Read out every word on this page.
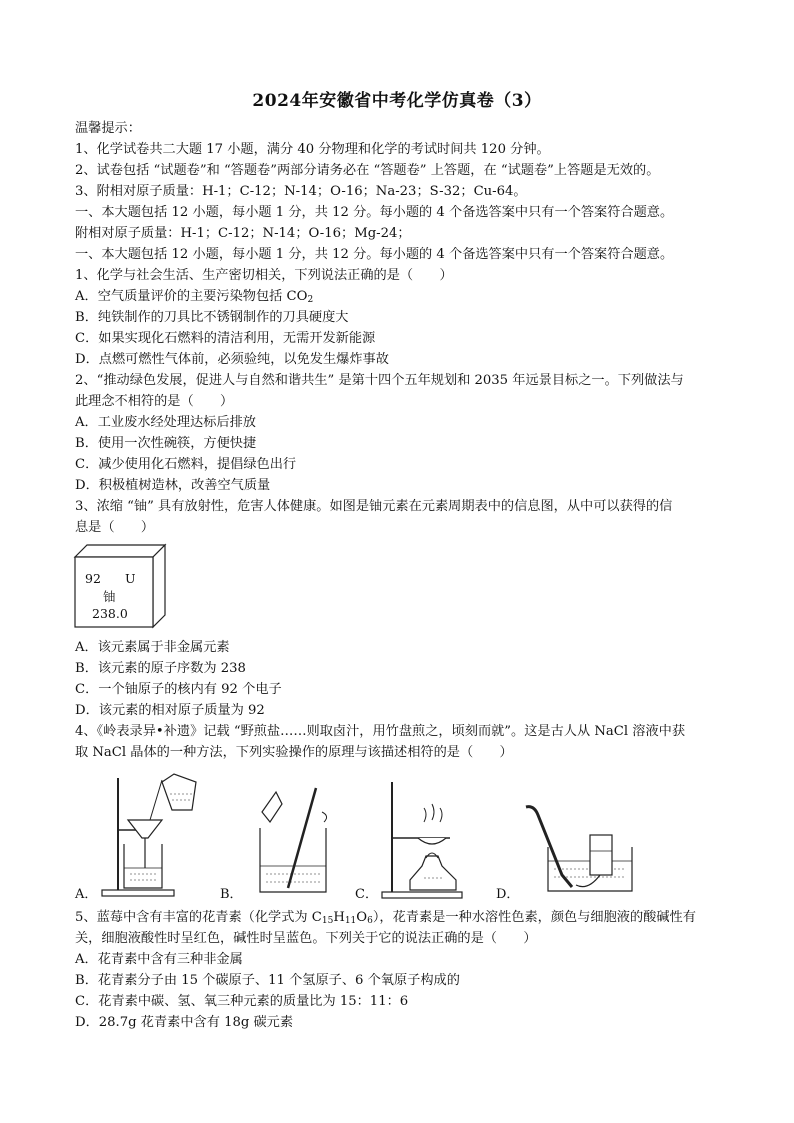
2024年安徽省中考化学仿真卷（3）
温馨提示：
1、化学试卷共二大题 17 小题，满分 40 分物理和化学的考试时间共 120 分钟。
2、试卷包括 “试题卷”和 “答题卷”两部分请务必在 “答题卷” 上答题，在 “试题卷”上答题是无效的。
3、附相对原子质量：H-1；C-12；N-14；O-16；Na-23；S-32；Cu-64。
一、本大题包括 12 小题，每小题 1 分，共 12 分。每小题的 4 个备选答案中只有一个答案符合题意。
附相对原子质量：H-1；C-12；N-14；O-16；Mg-24；
一、本大题包括 12 小题，每小题 1 分，共 12 分。每小题的 4 个备选答案中只有一个答案符合题意。
1、化学与社会生活、生产密切相关，下列说法正确的是（　　）
A．空气质量评价的主要污染物包括 $CO_2$
B．纯铁制作的刀具比不锈钢制作的刀具硬度大
C．如果实现化石燃料的清洁利用，无需开发新能源
D．点燃可燃性气体前，必须验纯，以免发生爆炸事故
2、“推动绿色发展，促进人与自然和谐共生” 是第十四个五年规划和 2035 年远景目标之一。下列做法与
此理念不相符的是（　　）
A．工业废水经处理达标后排放
B．使用一次性碗筷，方便快捷
C．减少使用化石燃料，提倡绿色出行
D．积极植树造林，改善空气质量
3、浓缩 “铀” 具有放射性，危害人体健康。如图是铀元素在元素周期表中的信息图，从中可以获得的信
息是（　　）
92 U
铀
238.0
A．该元素属于非金属元素
B．该元素的原子序数为 238
C．一个铀原子的核内有 92 个电子
D．该元素的相对原子质量为 92
4、《岭表录异•补遗》记载 “野煎盐……则取卤汁，用竹盘煎之，顷刻而就”。这是古人从 NaCl 溶液中获
取 NaCl 晶体的一种方法，下列实验操作的原理与该描述相符的是（　　）
A．	B．	C．	D．
5、蓝莓中含有丰富的花青素（化学式为 $C_{15}H_{11}O_6$），花青素是一种水溶性色素，颜色与细胞液的酸碱性有
关，细胞液酸性时呈红色，碱性时呈蓝色。下列关于它的说法正确的是（　　）
A．花青素中含有三种非金属
B．花青素分子由 15 个碳原子、11 个氢原子、6 个氧原子构成的
C．花青素中碳、氢、氧三种元素的质量比为 15：11：6
D．28.7g 花青素中含有 18g 碳元素
